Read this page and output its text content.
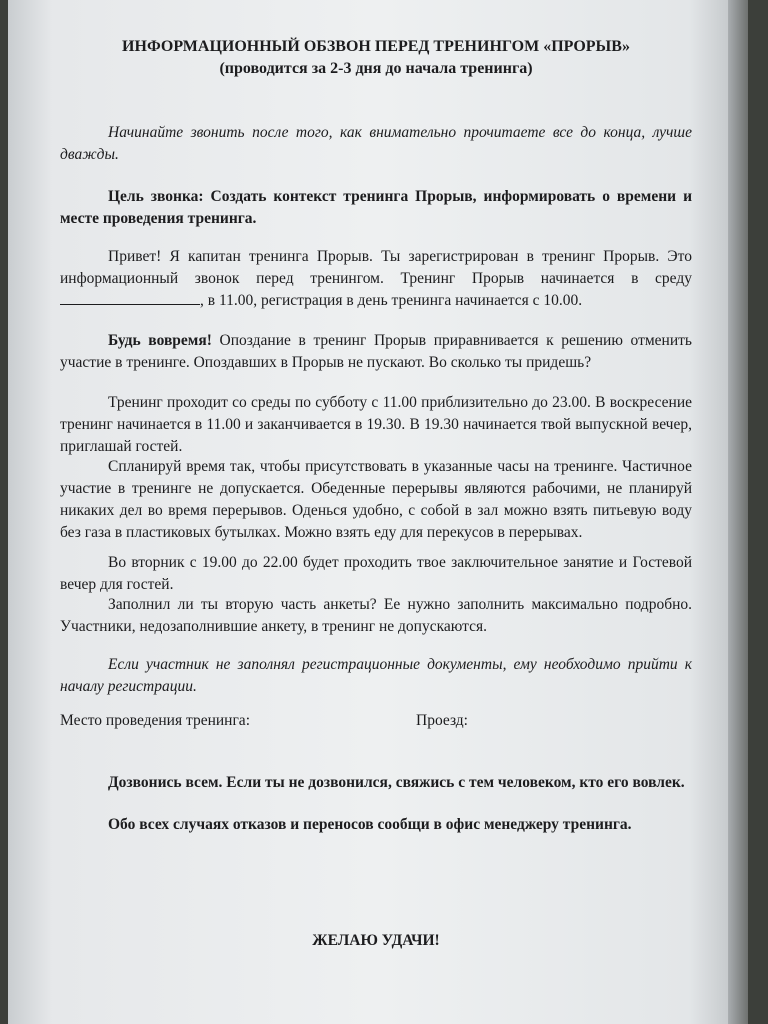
ИНФОРМАЦИОННЫЙ ОБЗВОН ПЕРЕД ТРЕНИНГОМ «ПРОРЫВ»
(проводится за 2-3 дня до начала тренинга)
Начинайте звонить после того, как внимательно прочитаете все до конца, лучше дважды.
Цель звонка: Создать контекст тренинга Прорыв, информировать о времени и месте проведения тренинга.
Привет! Я капитан тренинга Прорыв. Ты зарегистрирован в тренинг Прорыв. Это информационный звонок перед тренингом. Тренинг Прорыв начинается в среду , в 11.00, регистрация в день тренинга начинается с 10.00.
Будь вовремя! Опоздание в тренинг Прорыв приравнивается к решению отменить участие в тренинге. Опоздавших в Прорыв не пускают. Во сколько ты придешь?
Тренинг проходит со среды по субботу с 11.00 приблизительно до 23.00. В воскресение тренинг начинается в 11.00 и заканчивается в 19.30. В 19.30 начинается твой выпускной вечер, приглашай гостей.
Спланируй время так, чтобы присутствовать в указанные часы на тренинге. Частичное участие в тренинге не допускается. Обеденные перерывы являются рабочими, не планируй никаких дел во время перерывов. Оденься удобно, с собой в зал можно взять питьевую воду без газа в пластиковых бутылках. Можно взять еду для перекусов в перерывах.
Во вторник с 19.00 до 22.00 будет проходить твое заключительное занятие и Гостевой вечер для гостей.
Заполнил ли ты вторую часть анкеты? Ее нужно заполнить максимально подробно. Участники, недозаполнившие анкету, в тренинг не допускаются.
Если участник не заполнял регистрационные документы, ему необходимо прийти к началу регистрации.
Место проведения тренинга:	Проезд:
Дозвонись всем. Если ты не дозвонился, свяжись с тем человеком, кто его вовлек.
Обо всех случаях отказов и переносов сообщи в офис менеджеру тренинга.
ЖЕЛАЮ УДАЧИ!
